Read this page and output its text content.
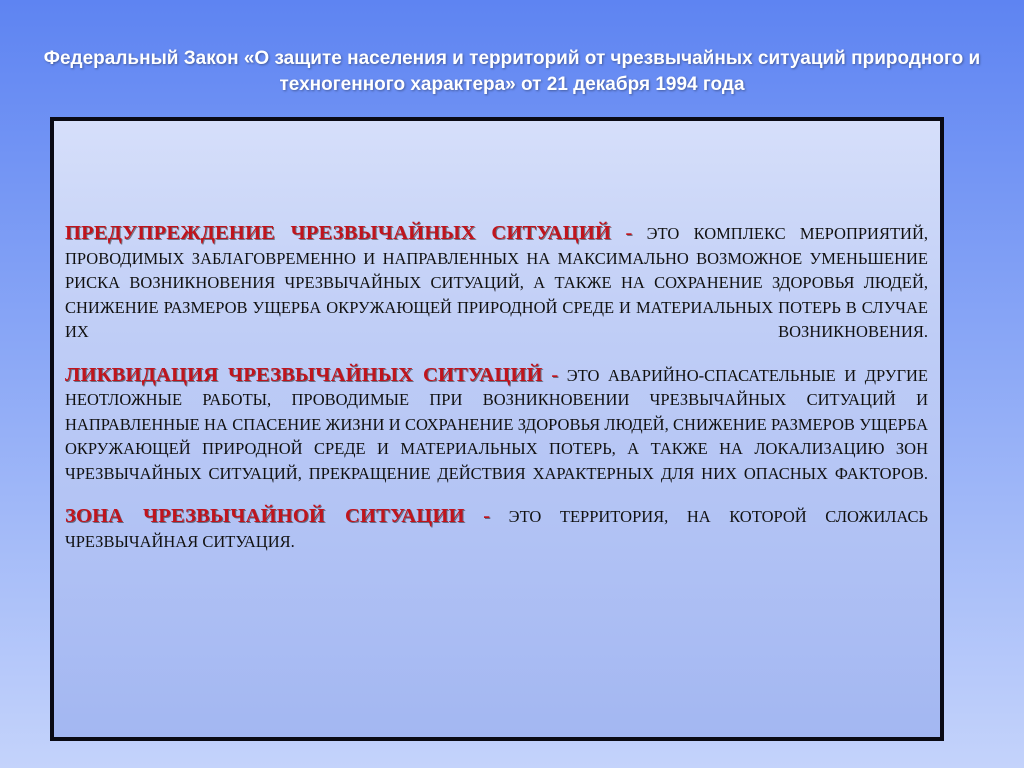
Федеральный Закон «О защите населения и территорий от чрезвычайных ситуаций природного и техногенного характера» от 21 декабря 1994 года

ПРЕДУПРЕЖДЕНИЕ ЧРЕЗВЫЧАЙНЫХ СИТУАЦИЙ - ЭТО КОМПЛЕКС МЕРОПРИЯТИЙ, ПРОВОДИМЫХ ЗАБЛАГОВРЕМЕННО И НАПРАВЛЕННЫХ НА МАКСИМАЛЬНО ВОЗМОЖНОЕ УМЕНЬШЕНИЕ РИСКА ВОЗНИКНОВЕНИЯ ЧРЕЗВЫЧАЙНЫХ СИТУАЦИЙ, А ТАКЖЕ НА СОХРАНЕНИЕ ЗДОРОВЬЯ ЛЮДЕЙ, СНИЖЕНИЕ РАЗМЕРОВ УЩЕРБА ОКРУЖАЮЩЕЙ ПРИРОДНОЙ СРЕДЕ И МАТЕРИАЛЬНЫХ ПОТЕРЬ В СЛУЧАЕ ИХ ВОЗНИКНОВЕНИЯ.

ЛИКВИДАЦИЯ ЧРЕЗВЫЧАЙНЫХ СИТУАЦИЙ - ЭТО АВАРИЙНО-СПАСАТЕЛЬНЫЕ И ДРУГИЕ НЕОТЛОЖНЫЕ РАБОТЫ, ПРОВОДИМЫЕ ПРИ ВОЗНИКНОВЕНИИ ЧРЕЗВЫЧАЙНЫХ СИТУАЦИЙ И НАПРАВЛЕННЫЕ НА СПАСЕНИЕ ЖИЗНИ И СОХРАНЕНИЕ ЗДОРОВЬЯ ЛЮДЕЙ, СНИЖЕНИЕ РАЗМЕРОВ УЩЕРБА ОКРУЖАЮЩЕЙ ПРИРОДНОЙ СРЕДЕ И МАТЕРИАЛЬНЫХ ПОТЕРЬ, А ТАКЖЕ НА ЛОКАЛИЗАЦИЮ ЗОН ЧРЕЗВЫЧАЙНЫХ СИТУАЦИЙ, ПРЕКРАЩЕНИЕ ДЕЙСТВИЯ ХАРАКТЕРНЫХ ДЛЯ НИХ ОПАСНЫХ ФАКТОРОВ.

ЗОНА ЧРЕЗВЫЧАЙНОЙ СИТУАЦИИ - ЭТО ТЕРРИТОРИЯ, НА КОТОРОЙ СЛОЖИЛАСЬ ЧРЕЗВЫЧАЙНАЯ СИТУАЦИЯ.
